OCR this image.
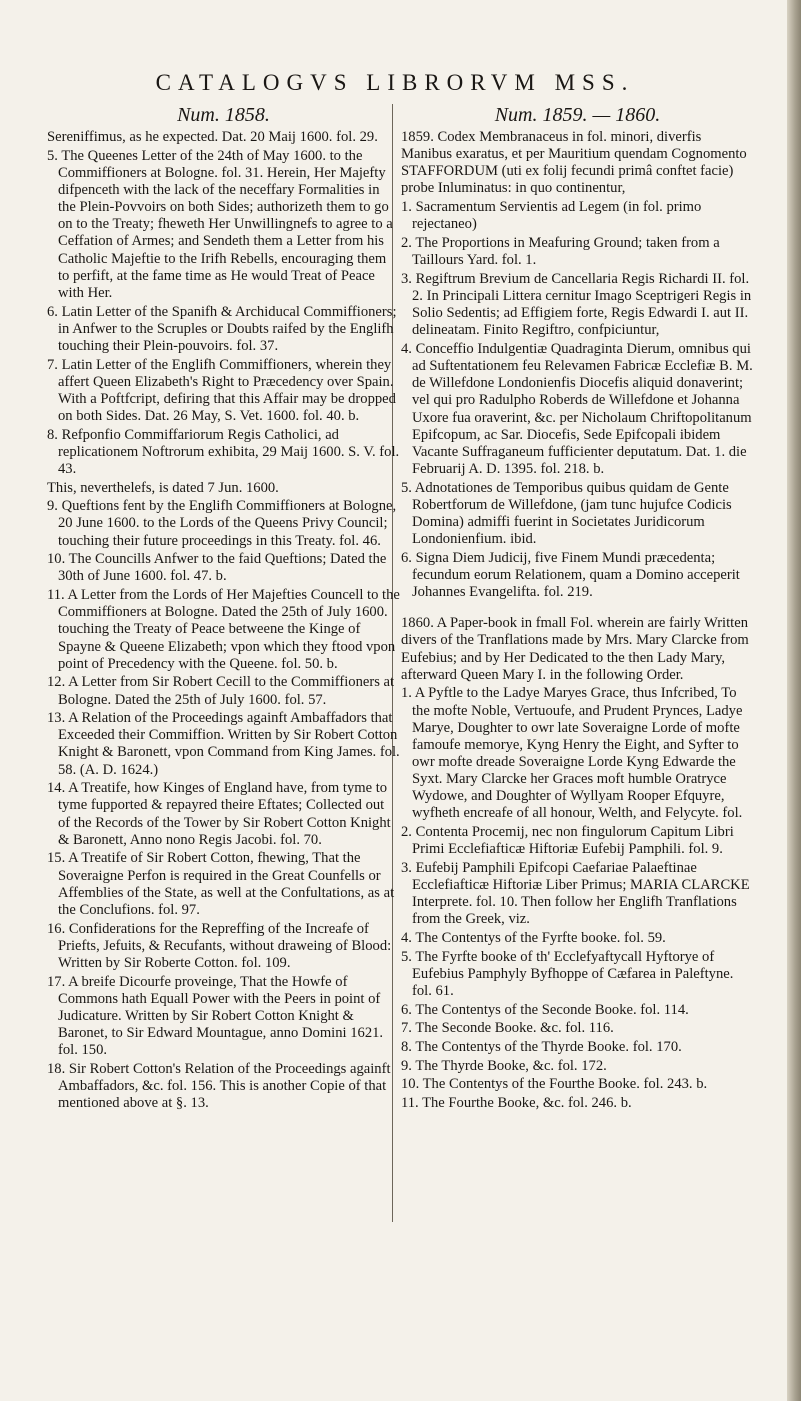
CATALOGVS LIBRORVM MSS.
Num. 1858.

Sereniffimus, as he expected. Dat. 20 Maij 1600. fol. 29.

5. The Queenes Letter of the 24th of May 1600. to the Commiffioners at Bologne. fol. 31. Herein, Her Majefty difpenceth with the lack of the neceffary Formalities in the Plein-Povvoirs on both Sides; authorizeth them to go on to the Treaty; fheweth Her Unwillingnefs to agree to a Ceffation of Armes; and Sendeth them a Letter from his Catholic Majeftie to the Irifh Rebells, encouraging them to perfift, at the fame time as He would Treat of Peace with Her.

6. Latin Letter of the Spanifh & Archiducal Commiffioners; in Anfwer to the Scruples or Doubts raifed by the Englifh touching their Plein-pouvoirs. fol. 37.

7. Latin Letter of the Englifh Commiffioners, wherein they affert Queen Elizabeth's Right to Præcedency over Spain. With a Poftfcript, defiring that this Affair may be dropped on both Sides. Dat. 26 May, S. Vet. 1600. fol. 40. b.

8. Refponfio Commiffariorum Regis Catholici, ad replicationem Noftrorum exhibita, 29 Maij 1600. S. V. fol. 43.

This, neverthelefs, is dated 7 Jun. 1600.

9. Queftions fent by the Englifh Commiffioners at Bologne, 20 June 1600. to the Lords of the Queens Privy Council; touching their future proceedings in this Treaty. fol. 46.

10. The Councills Anfwer to the faid Queftions; Dated the 30th of June 1600. fol. 47. b.

11. A Letter from the Lords of Her Majefties Councell to the Commiffioners at Bologne. Dated the 25th of July 1600. touching the Treaty of Peace betweene the Kinge of Spayne & Queene Elizabeth; vpon which they ftood vpon point of Precedency with the Queene. fol. 50. b.

12. A Letter from Sir Robert Cecill to the Commiffioners at Bologne. Dated the 25th of July 1600. fol. 57.

13. A Relation of the Proceedings againft Ambaffadors that Exceeded their Commiffion. Written by Sir Robert Cotton Knight & Baronett, vpon Command from King James. fol. 58. (A. D. 1624.)

14. A Treatife, how Kinges of England have, from tyme to tyme fupported & repayred theire Eftates; Collected out of the Records of the Tower by Sir Robert Cotton Knight & Baronett, Anno nono Regis Jacobi. fol. 70.

15. A Treatife of Sir Robert Cotton, fhewing, That the Soveraigne Perfon is required in the Great Counfells or Affemblies of the State, as well at the Confultations, as at the Conclufions. fol. 97.

16. Confiderations for the Repreffing of the Increafe of Priefts, Jefuits, & Recufants, without draweing of Blood: Written by Sir Roberte Cotton. fol. 109.

17. A breife Dicourfe proveinge, That the Howfe of Commons hath Equall Power with the Peers in point of Judicature. Written by Sir Robert Cotton Knight & Baronet, to Sir Edward Mountague, anno Domini 1621. fol. 150.

18. Sir Robert Cotton's Relation of the Proceedings againft Ambaffadors, &c. fol. 156. This is another Copie of that mentioned above at §. 13.

Num. 1859. — 1860.

1859. Codex Membranaceus in fol. minori, diverfis Manibus exaratus, et per Mauritium quendam Cognomento STAFFORDUM (uti ex folij fecundi primâ conftet facie) probe Inluminatus: in quo continentur,

1. Sacramentum Servientis ad Legem (in fol. primo rejectaneo)

2. The Proportions in Meafuring Ground; taken from a Taillours Yard. fol. 1.

3. Regiftrum Brevium de Cancellaria Regis Richardi II. fol. 2. In Principali Littera cernitur Imago Sceptrigeri Regis in Solio Sedentis; ad Effigiem forte, Regis Edwardi I. aut II. delineatam. Finito Regiftro, confpiciuntur,

4. Conceffio Indulgentiæ Quadraginta Dierum, omnibus qui ad Suftentationem feu Relevamen Fabricæ Ecclefiæ B. M. de Willefdone Londonienfis Diocefis aliquid donaverint; vel qui pro Radulpho Roberds de Willefdone et Johanna Uxore fua oraverint, &c. per Nicholaum Chriftopolitanum Epifcopum, ac Sar. Diocefis, Sede Epifcopali ibidem Vacante Suffraganeum fufficienter deputatum. Dat. 1. die Februarij A. D. 1395. fol. 218. b.

5. Adnotationes de Temporibus quibus quidam de Gente Robertforum de Willefdone, (jam tunc hujufce Codicis Domina) admiffi fuerint in Societates Juridicorum Londonienfium. ibid.

6. Signa Diem Judicij, five Finem Mundi præcedenta; fecundum eorum Relationem, quam a Domino acceperit Johannes Evangelifta. fol. 219.

1860. A Paper-book in fmall Fol. wherein are fairly Written divers of the Tranflations made by Mrs. Mary Clarcke from Eufebius; and by Her Dedicated to the then Lady Mary, afterward Queen Mary I. in the following Order.

1. A Pyftle to the Ladye Maryes Grace, thus Infcribed, To the mofte Noble, Vertuoufe, and Prudent Prynces, Ladye Marye, Doughter to owr late Soveraigne Lorde of mofte famoufe memorye, Kyng Henry the Eight, and Syfter to owr mofte dreade Soveraigne Lorde Kyng Edwarde the Syxt. Mary Clarcke her Graces moft humble Oratryce Wydowe, and Doughter of Wyllyam Rooper Efquyre, wyfheth encreafe of all honour, Welth, and Felycyte. fol.

2. Contenta Procemij, nec non fingulorum Capitum Libri Primi Ecclefiafticæ Hiftoriæ Eufebij Pamphili. fol. 9.

3. Eufebij Pamphili Epifcopi Caefariae Palaeftinae Ecclefiafticæ Hiftoriæ Liber Primus; MARIA CLARCKE Interprete. fol. 10. Then follow her Englifh Tranflations from the Greek, viz.

4. The Contentys of the Fyrfte booke. fol. 59.

5. The Fyrfte booke of th' Ecclefyaftycall Hyftorye of Eufebius Pamphyly Byfhoppe of Cæfarea in Paleftyne. fol. 61.

6. The Contentys of the Seconde Booke. fol. 114.

7. The Seconde Booke. &c. fol. 116.

8. The Contentys of the Thyrde Booke. fol. 170.

9. The Thyrde Booke, &c. fol. 172.

10. The Contentys of the Fourthe Booke. fol. 243. b.

11. The Fourthe Booke, &c. fol. 246. b.
